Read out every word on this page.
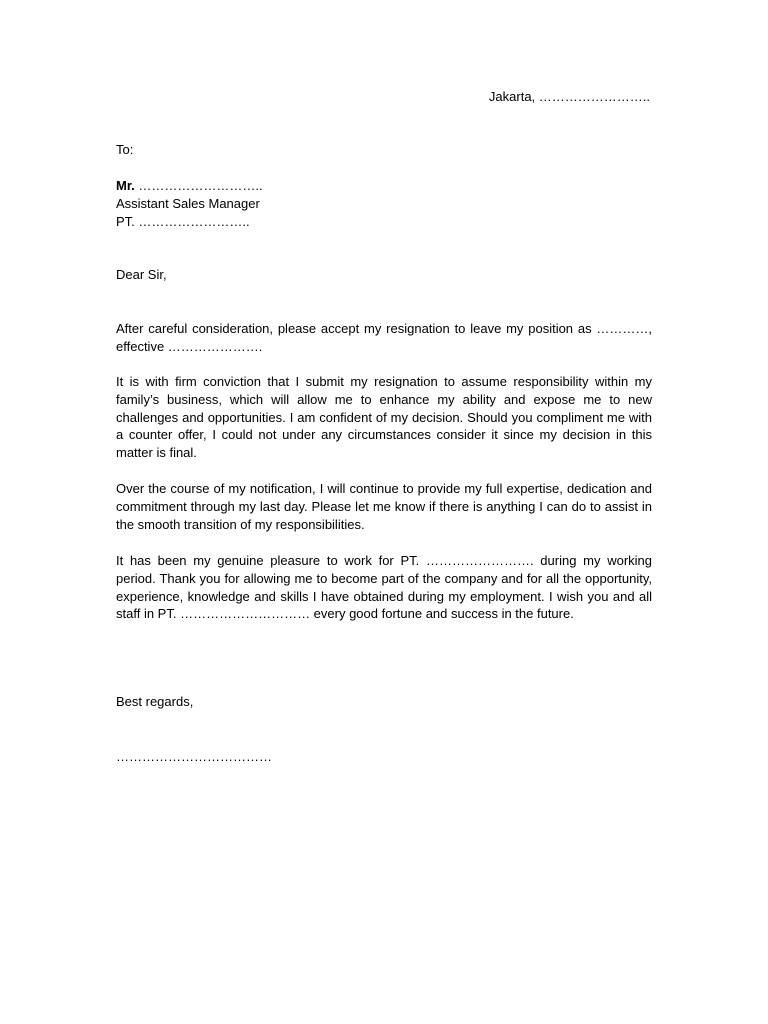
Jakarta, ……………………..
To:
Mr. ………………………..
Assistant Sales Manager
PT. ……………………..
Dear Sir,
After careful consideration, please accept my resignation to leave my position as …………, effective ………………….
It is with firm conviction that I submit my resignation to assume responsibility within my family’s business, which will allow me to enhance my ability and expose me to new challenges and opportunities. I am confident of my decision. Should you compliment me with a counter offer, I could not under any circumstances consider it since my decision in this matter is final.
Over the course of my notification, I will continue to provide my full expertise, dedication and commitment through my last day. Please let me know if there is anything I can do to assist in the smooth transition of my responsibilities.
It has been my genuine pleasure to work for PT. ……………………. during my working period. Thank you for allowing me to become part of the company and for all the opportunity, experience, knowledge and skills I have obtained during my employment. I wish you and all staff in PT. ………………………… every good fortune and success in the future.
Best regards,
………………………………
